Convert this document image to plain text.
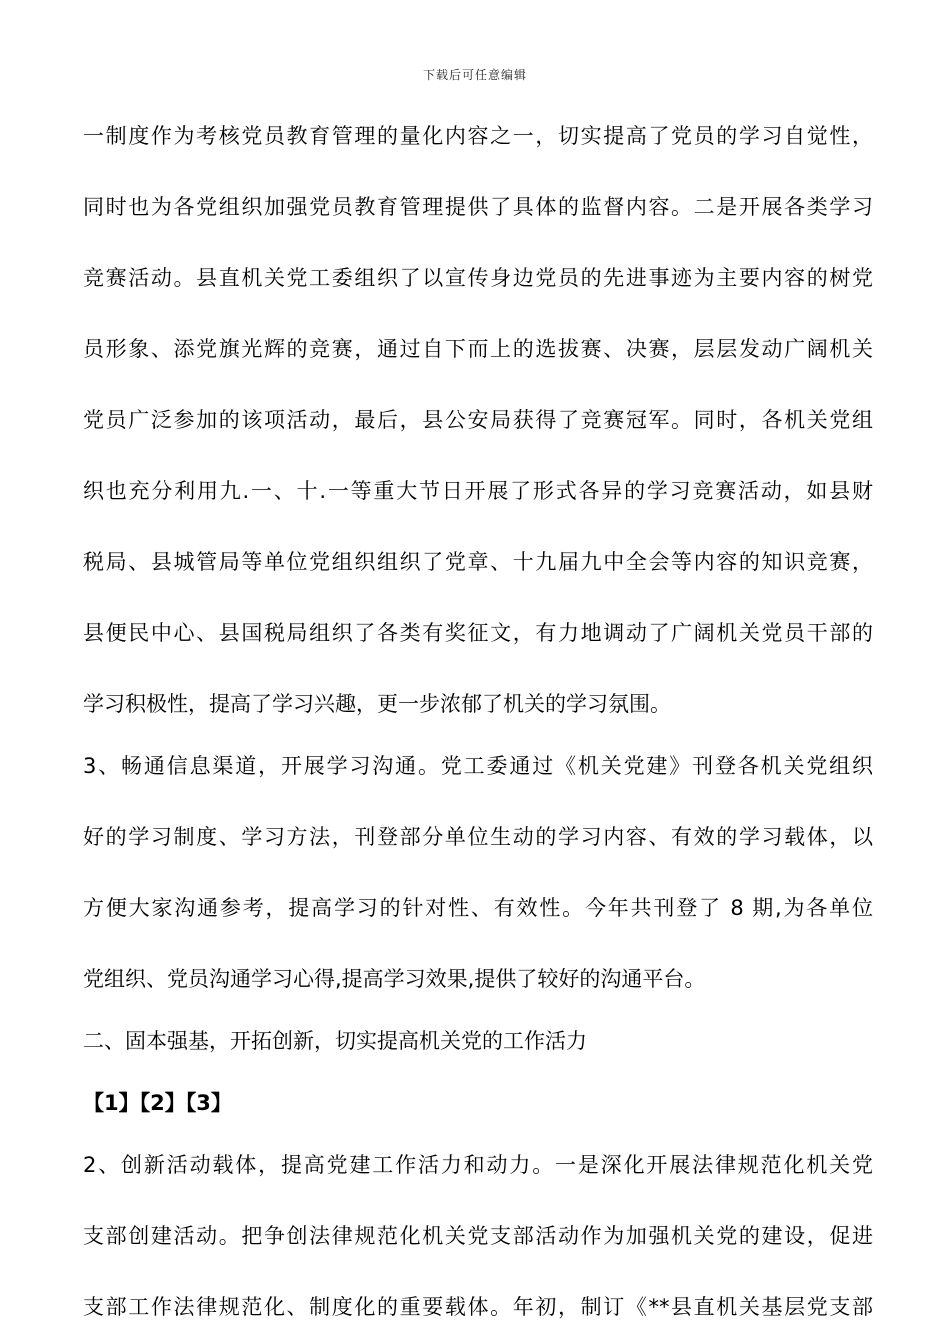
下载后可任意编辑

一制度作为考核党员教育管理的量化内容之一，切实提高了党员的学习自觉性，

同时也为各党组织加强党员教育管理提供了具体的监督内容。二是开展各类学习

竞赛活动。县直机关党工委组织了以宣传身边党员的先进事迹为主要内容的树党

员形象、添党旗光辉的竞赛，通过自下而上的选拔赛、决赛，层层发动广阔机关

党员广泛参加的该项活动，最后，县公安局获得了竞赛冠军。同时，各机关党组

织也充分利用九.一、十.一等重大节日开展了形式各异的学习竞赛活动，如县财

税局、县城管局等单位党组织组织了党章、十九届九中全会等内容的知识竞赛，

县便民中心、县国税局组织了各类有奖征文，有力地调动了广阔机关党员干部的

学习积极性，提高了学习兴趣，更一步浓郁了机关的学习氛围。

3、畅通信息渠道，开展学习沟通。党工委通过《机关党建》刊登各机关党组织

好的学习制度、学习方法，刊登部分单位生动的学习内容、有效的学习载体，以

方便大家沟通参考，提高学习的针对性、有效性。今年共刊登了 8 期,为各单位

党组织、党员沟通学习心得,提高学习效果,提供了较好的沟通平台。

二、固本强基，开拓创新，切实提高机关党的工作活力

【1】【2】【3】

2、创新活动载体，提高党建工作活力和动力。一是深化开展法律规范化机关党

支部创建活动。把争创法律规范化机关党支部活动作为加强机关党的建设，促进

支部工作法律规范化、制度化的重要载体。年初，制订《**县直机关基层党支部
